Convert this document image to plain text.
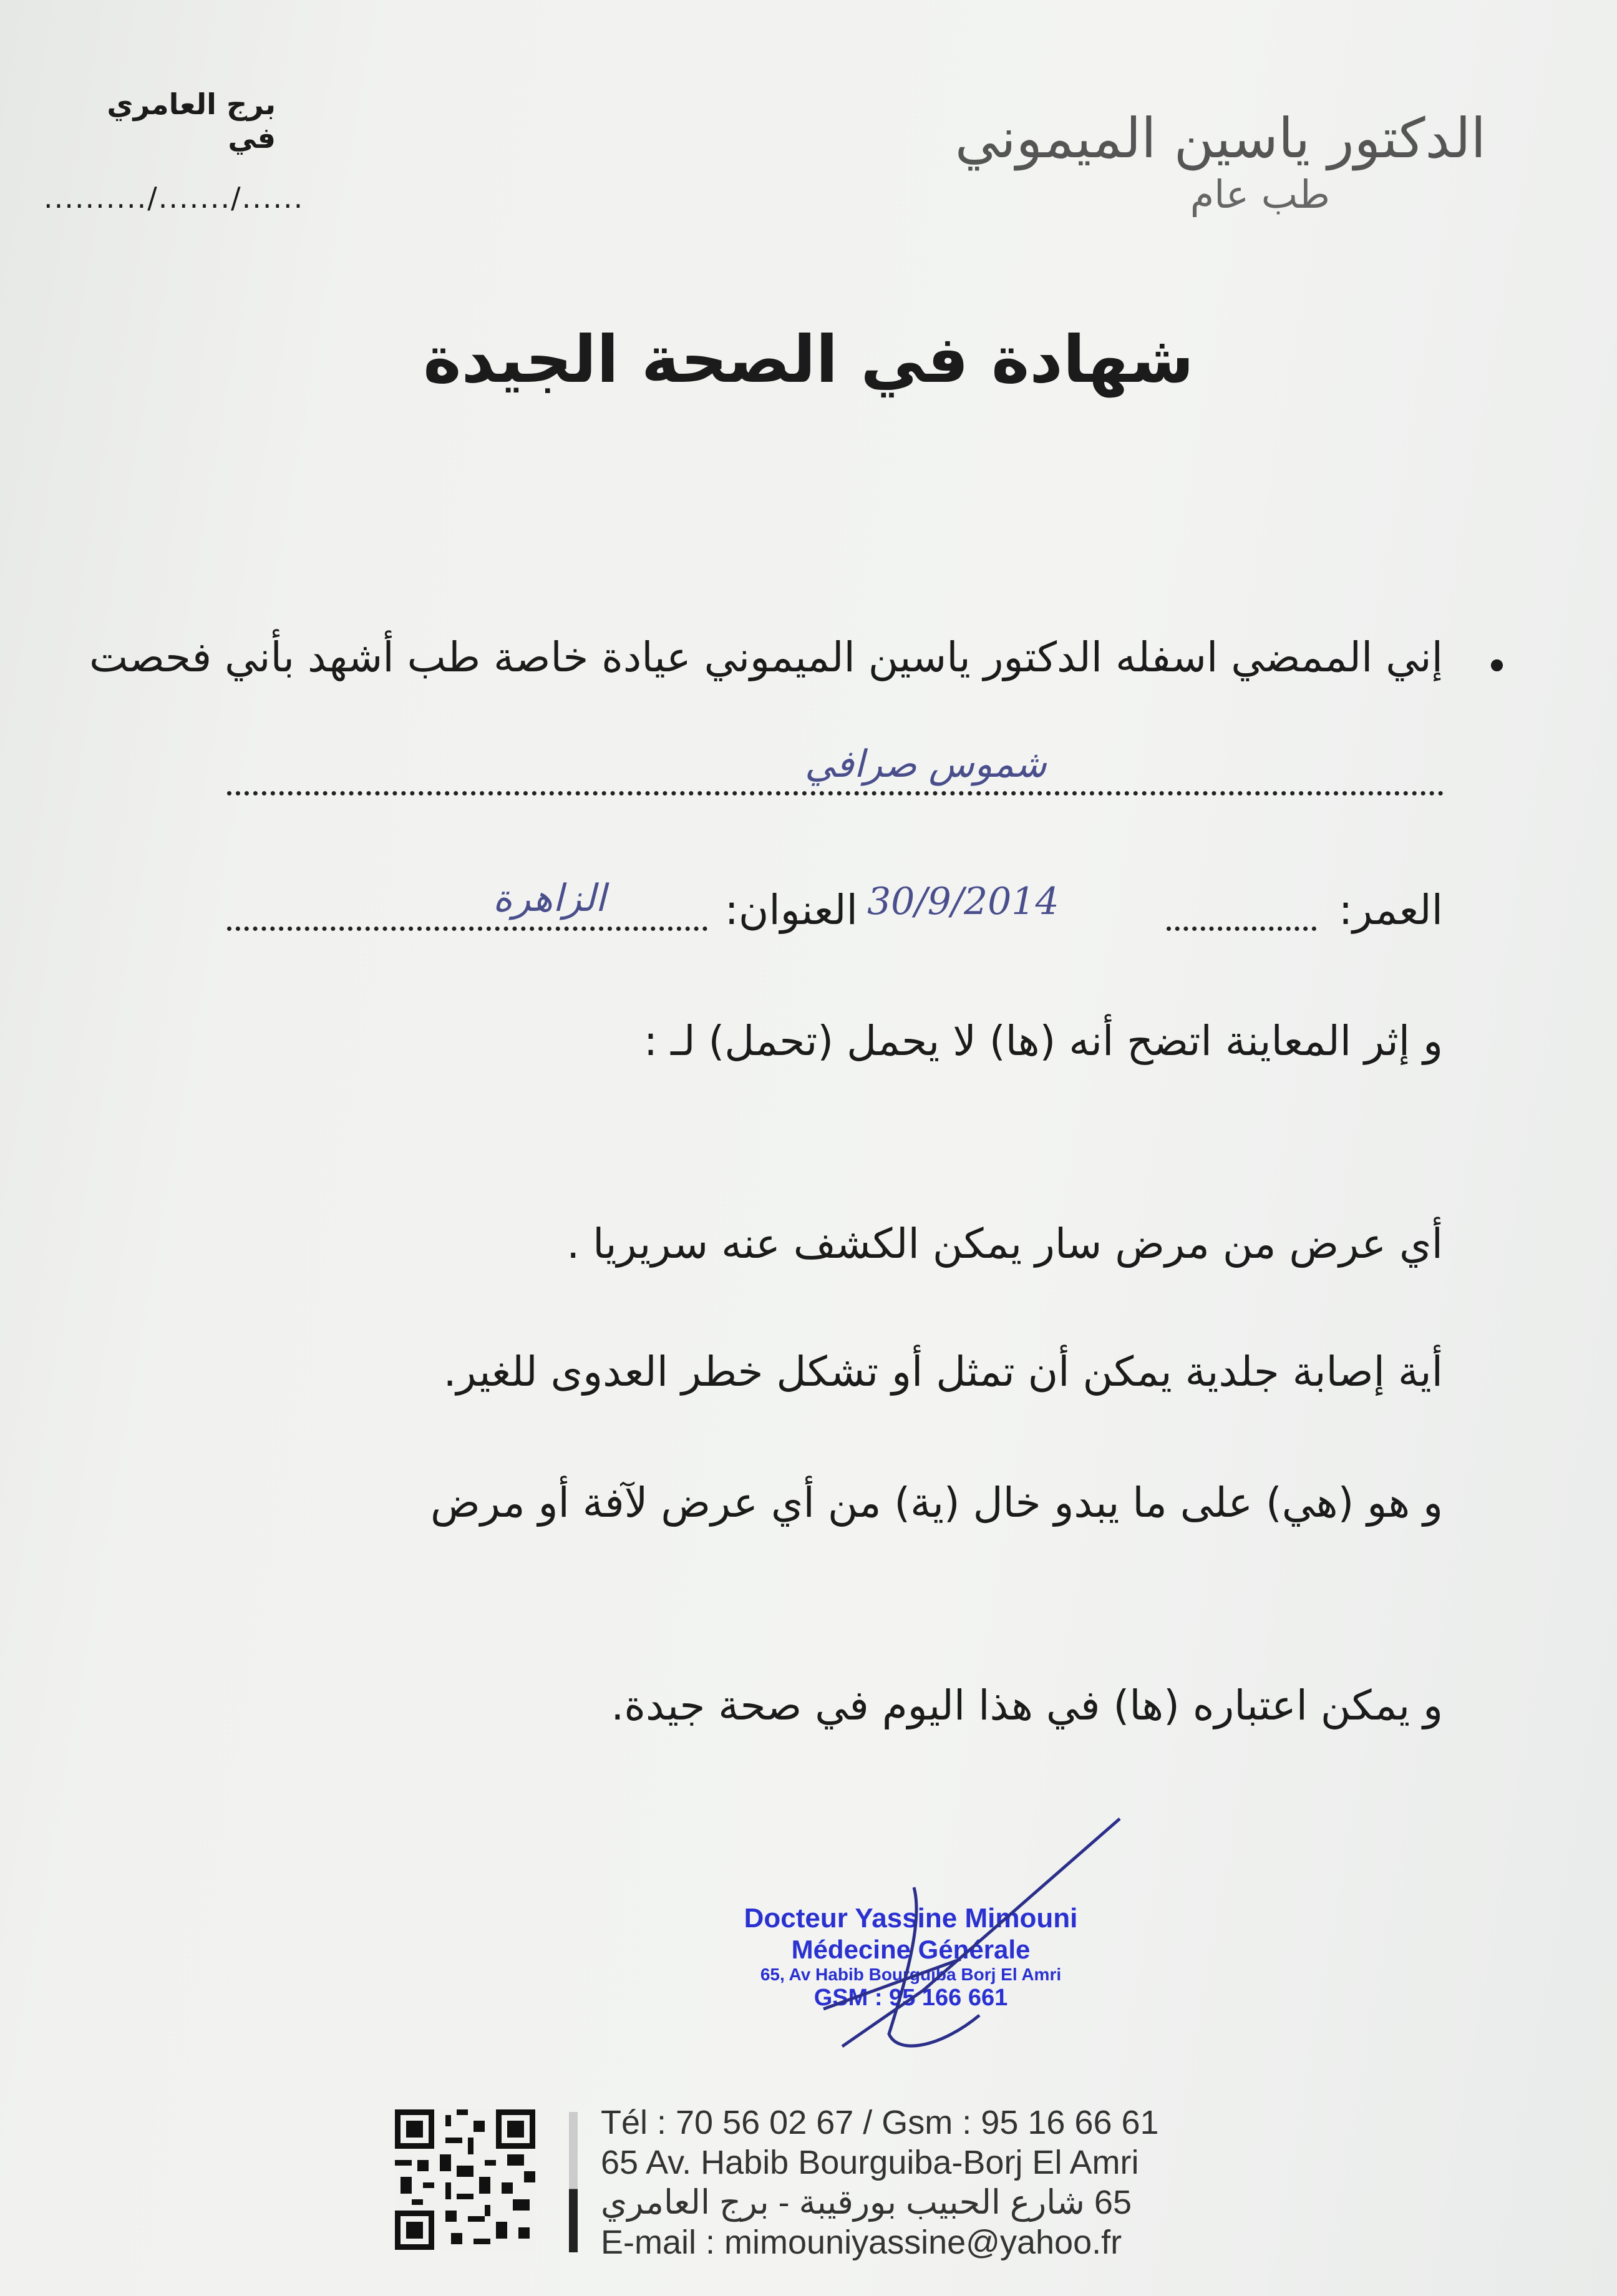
برج العامري في
........../......./......
الدكتور ياسين الميموني
طب عام
شهادة في الصحة الجيدة
•
إني الممضي اسفله الدكتور ياسين الميموني عيادة خاصة طب أشهد بأني فحصت
شموس صرافي
العمر:
30/9/2014
العنوان:
الزاهرة
و إثر المعاينة اتضح أنه (ها) لا يحمل (تحمل) لـ :
أي عرض من مرض سار يمكن الكشف عنه سريريا .
أية إصابة جلدية يمكن أن تمثل أو تشكل خطر العدوى للغير.
و هو (هي) على ما يبدو خال (ية) من أي عرض لآفة أو مرض
و يمكن اعتباره (ها) في هذا اليوم في صحة جيدة.
Docteur Yassine Mimouni
Médecine Générale
65, Av Habib Bourguiba Borj El Amri
GSM : 95 166 661
Tél : 70 56 02 67 / Gsm : 95 16 66 61
65 Av. Habib Bourguiba-Borj El Amri
65 شارع الحبيب بورقيبة - برج العامري
E-mail : mimouniyassine@yahoo.fr
